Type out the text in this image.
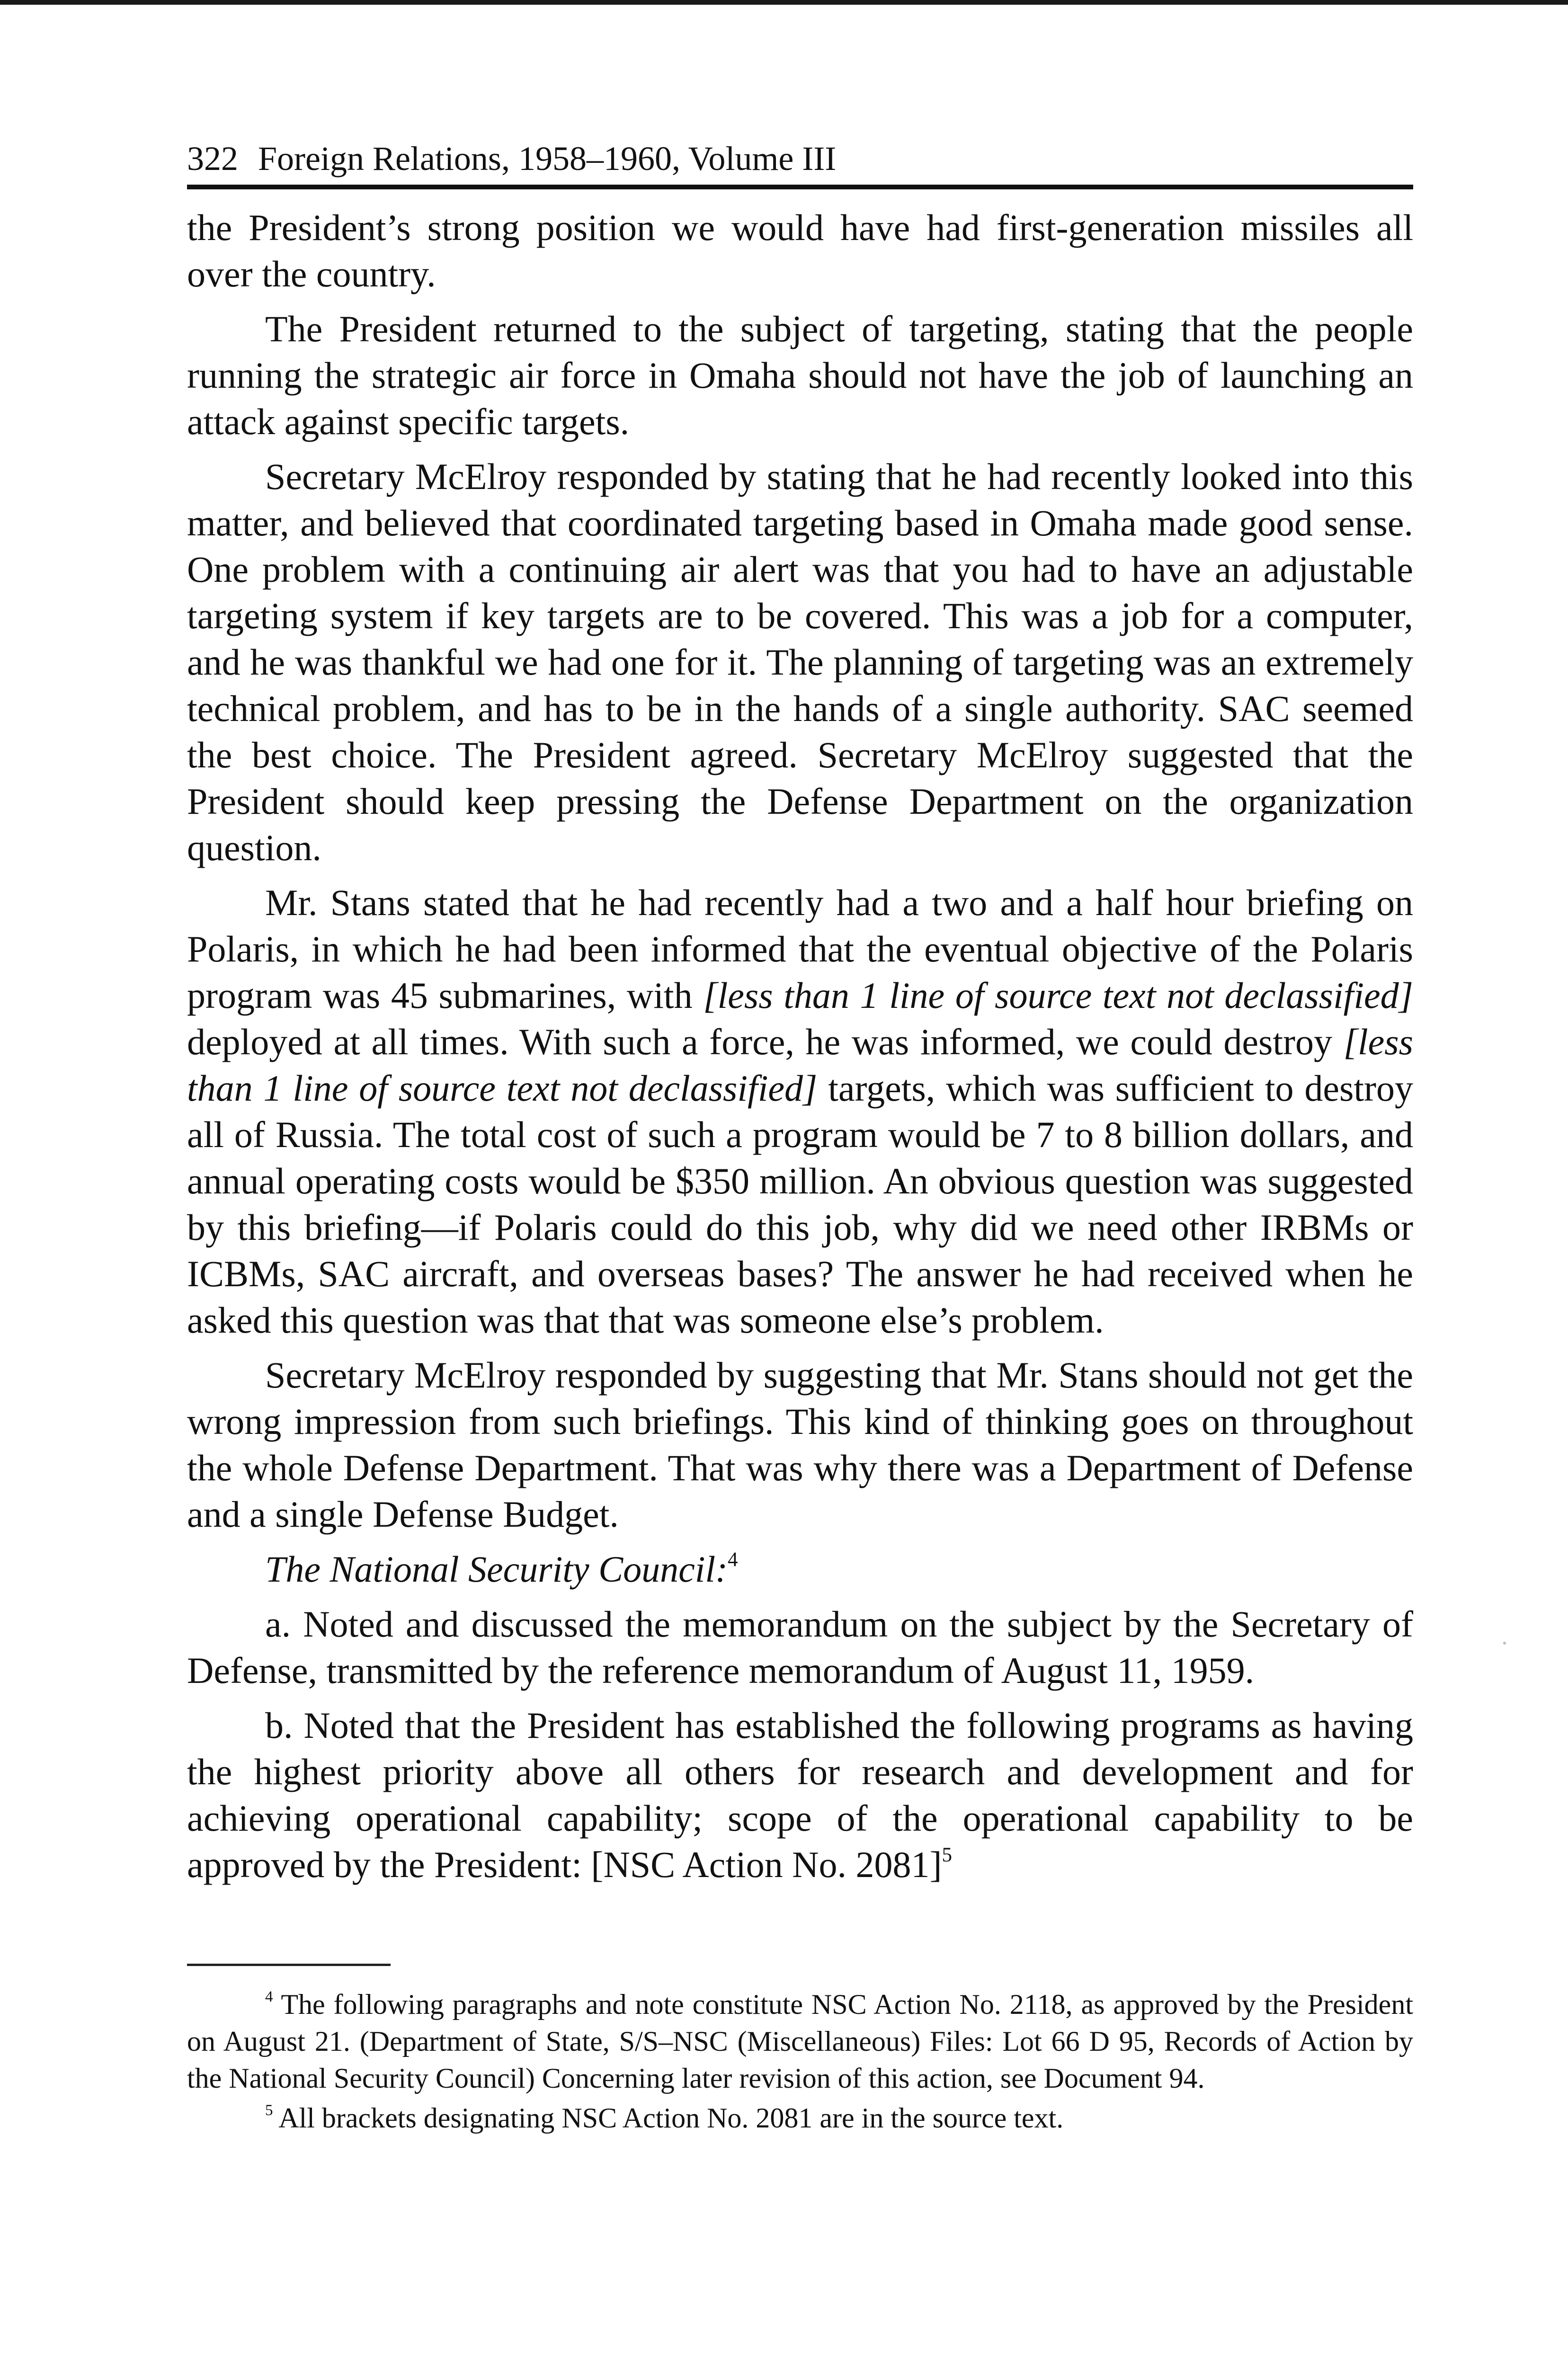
322 Foreign Relations, 1958–1960, Volume III

the President’s strong position we would have had first-generation missiles all over the country.

The President returned to the subject of targeting, stating that the people running the strategic air force in Omaha should not have the job of launching an attack against specific targets.

Secretary McElroy responded by stating that he had recently looked into this matter, and believed that coordinated targeting based in Omaha made good sense. One problem with a continuing air alert was that you had to have an adjustable targeting system if key targets are to be covered. This was a job for a computer, and he was thankful we had one for it. The planning of targeting was an extremely technical problem, and has to be in the hands of a single authority. SAC seemed the best choice. The President agreed. Secretary McElroy suggested that the President should keep pressing the Defense Department on the organization question.

Mr. Stans stated that he had recently had a two and a half hour briefing on Polaris, in which he had been informed that the eventual objective of the Polaris program was 45 submarines, with [less than 1 line of source text not declassified] deployed at all times. With such a force, he was informed, we could destroy [less than 1 line of source text not declassified] targets, which was sufficient to destroy all of Russia. The total cost of such a program would be 7 to 8 billion dollars, and annual operating costs would be $350 million. An obvious question was suggested by this briefing—if Polaris could do this job, why did we need other IRBMs or ICBMs, SAC aircraft, and overseas bases? The answer he had received when he asked this question was that that was someone else’s problem.

Secretary McElroy responded by suggesting that Mr. Stans should not get the wrong impression from such briefings. This kind of thinking goes on throughout the whole Defense Department. That was why there was a Department of Defense and a single Defense Budget.

The National Security Council:$^4$

a. Noted and discussed the memorandum on the subject by the Secretary of Defense, transmitted by the reference memorandum of August 11, 1959.

b. Noted that the President has established the following programs as having the highest priority above all others for research and development and for achieving operational capability; scope of the operational capability to be approved by the President: [NSC Action No. 2081]$^5$

$^4$ The following paragraphs and note constitute NSC Action No. 2118, as approved by the President on August 21. (Department of State, S/S–NSC (Miscellaneous) Files: Lot 66 D 95, Records of Action by the National Security Council) Concerning later revision of this action, see Document 94.

$^5$ All brackets designating NSC Action No. 2081 are in the source text.
